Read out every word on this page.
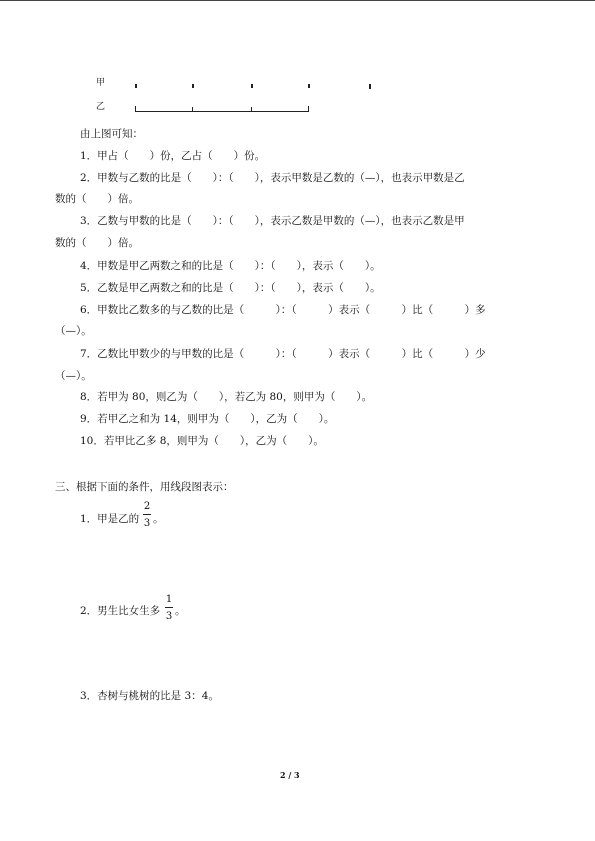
甲
乙
由上图可知：
1．甲占（　　）份，乙占（　　）份。
2．甲数与乙数的比是（　　）：（　　），表示甲数是乙数的（—），也表示甲数是乙
数的（　　）倍。
3．乙数与甲数的比是（　　）：（　　），表示乙数是甲数的（—），也表示乙数是甲
数的（　　）倍。
4．甲数是甲乙两数之和的比是（　　）：（　　），表示（　　）。
5．乙数是甲乙两数之和的比是（　　）：（　　），表示（　　）。
6．甲数比乙数多的与乙数的比是（　　　）：（　　　）表示（　　　）比（　　　）多
（—）。
7．乙数比甲数少的与甲数的比是（　　　）：（　　　）表示（　　　）比（　　　）少
（—）。
8．若甲为 80，则乙为（　　），若乙为 80，则甲为（　　）。
9．若甲乙之和为 14，则甲为（　　），乙为（　　）。
10．若甲比乙多 8，则甲为（　　），乙为（　　）。
三、根据下面的条件，用线段图表示：
1．甲是乙的
2
3 。
2．男生比女生多
1
3 。
3．杏树与桃树的比是 3：4。
2 / 3
